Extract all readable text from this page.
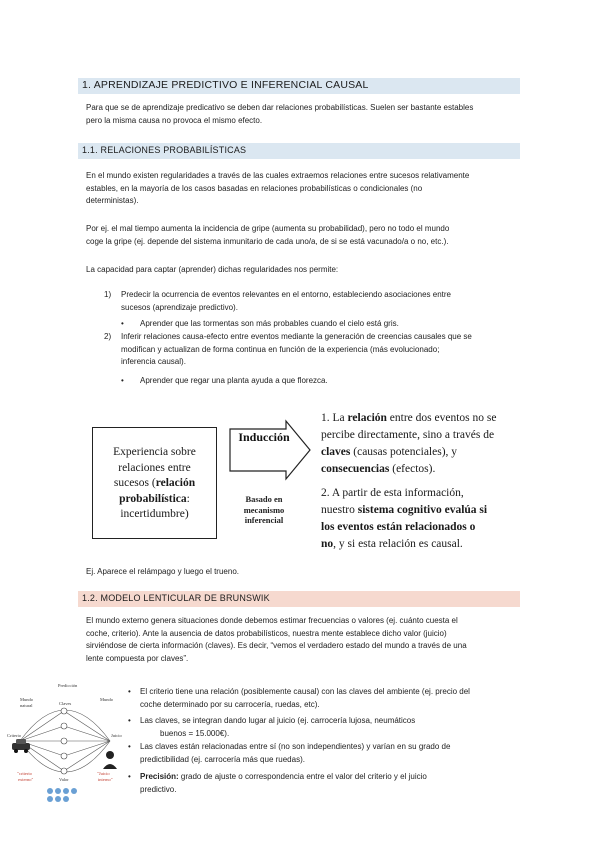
1. APRENDIZAJE PREDICTIVO E INFERENCIAL CAUSAL
Para que se de aprendizaje predicativo se deben dar relaciones probabilísticas. Suelen ser bastante estables
pero la misma causa no provoca el mismo efecto.
1.1. RELACIONES PROBABILÍSTICAS
En el mundo existen regularidades a través de las cuales extraemos relaciones entre sucesos relativamente
estables, en la mayoría de los casos basadas en relaciones probabilísticas o condicionales (no
deterministas).
Por ej. el mal tiempo aumenta la incidencia de gripe (aumenta su probabilidad), pero no todo el mundo
coge la gripe (ej. depende del sistema inmunitario de cada uno/a, de si se está vacunado/a o no, etc.).
La capacidad para captar (aprender) dichas regularidades nos permite:
1) Predecir la ocurrencia de eventos relevantes en el entorno, estableciendo asociaciones entre
sucesos (aprendizaje predictivo).
• Aprender que las tormentas son más probables cuando el cielo está gris.
2) Inferir relaciones causa-efecto entre eventos mediante la generación de creencias causales que se
modifican y actualizan de forma continua en función de la experiencia (más evolucionado;
inferencia causal).
• Aprender que regar una planta ayuda a que florezca.
Experiencia sobre
relaciones entre
sucesos (relación
probabilística:
incertidumbre)
Inducción
Basado en
mecanismo
inferencial
1. La relación entre dos eventos no se
percibe directamente, sino a través de
claves (causas potenciales), y
consecuencias (efectos).
2. A partir de esta información,
nuestro sistema cognitivo evalúa si
los eventos están relacionados o
no, y si esta relación es causal.
Ej. Aparece el relámpago y luego el trueno.
1.2. MODELO LENTICULAR DE BRUNSWIK
El mundo externo genera situaciones donde debemos estimar frecuencias o valores (ej. cuánto cuesta el
coche, criterio). Ante la ausencia de datos probabilísticos, nuestra mente establece dicho valor (juicio)
sirviéndose de cierta información (claves). Es decir, “vemos el verdadero estado del mundo a través de una
lente compuesta por claves”.
Predicción
Mundo
natural	Claves
Mundo
Criterio	Juicio
Valor
"criterio
externo"
"Juicio
interno"
• El criterio tiene una relación (posiblemente causal) con las claves del ambiente (ej. precio del
coche determinado por su carrocería, ruedas, etc).
• Las claves, se integran dando lugar al juicio (ej. carrocería lujosa, neumáticos
buenos = 15.000€).
• Las claves están relacionadas entre sí (no son independientes) y varían en su grado de
predictibilidad (ej. carrocería más que ruedas).
• Precisión: grado de ajuste o correspondencia entre el valor del criterio y el juicio
predictivo.
